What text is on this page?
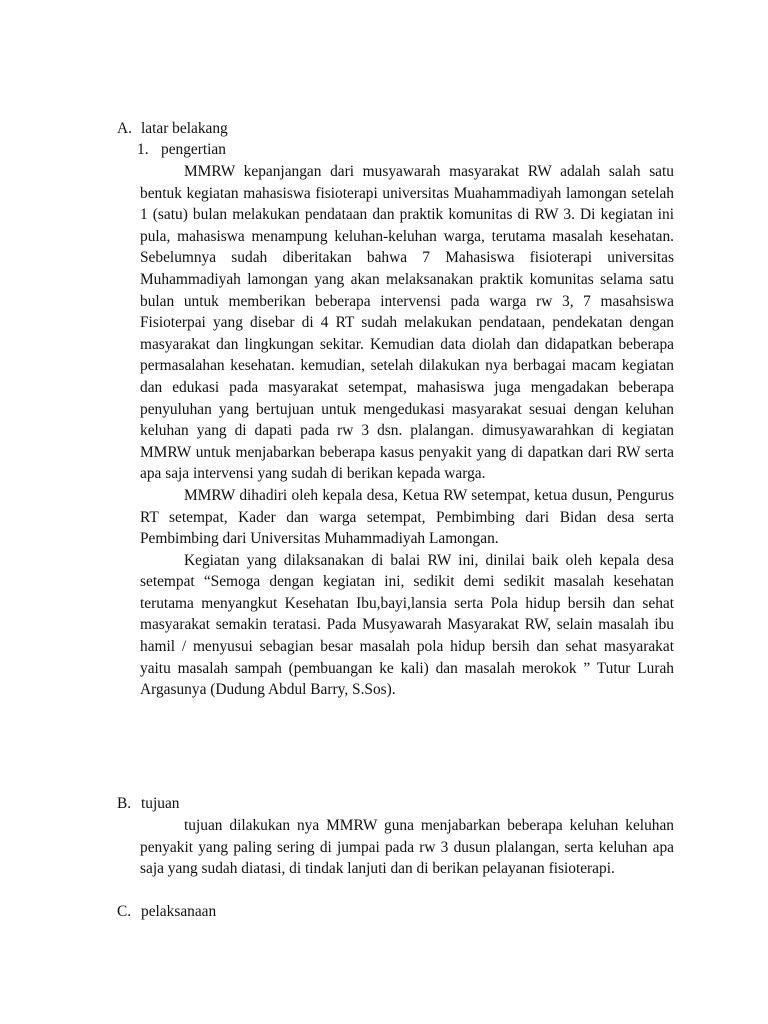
A. latar belakang
1. pengertian

MMRW kepanjangan dari musyawarah masyarakat RW adalah salah satu bentuk kegiatan mahasiswa fisioterapi universitas Muahammadiyah lamongan setelah 1 (satu) bulan melakukan pendataan dan praktik komunitas di RW 3. Di kegiatan ini pula, mahasiswa menampung keluhan-keluhan warga, terutama masalah kesehatan. Sebelumnya sudah diberitakan bahwa 7 Mahasiswa fisioterapi universitas Muhammadiyah lamongan yang akan melaksanakan praktik komunitas selama satu bulan untuk memberikan beberapa intervensi pada warga rw 3, 7 masahsiswa Fisioterpai yang disebar di 4 RT sudah melakukan pendataan, pendekatan dengan masyarakat dan lingkungan sekitar. Kemudian data diolah dan didapatkan beberapa permasalahan kesehatan. kemudian, setelah dilakukan nya berbagai macam kegiatan dan edukasi pada masyarakat setempat, mahasiswa juga mengadakan beberapa penyuluhan yang bertujuan untuk mengedukasi masyarakat sesuai dengan keluhan keluhan yang di dapati pada rw 3 dsn. plalangan. dimusyawarahkan di kegiatan MMRW untuk menjabarkan beberapa kasus penyakit yang di dapatkan dari RW serta apa saja intervensi yang sudah di berikan kepada warga.

MMRW dihadiri oleh kepala desa, Ketua RW setempat, ketua dusun, Pengurus RT setempat, Kader dan warga setempat, Pembimbing dari Bidan desa serta Pembimbing dari Universitas Muhammadiyah Lamongan.

Kegiatan yang dilaksanakan di balai RW ini, dinilai baik oleh kepala desa setempat “Semoga dengan kegiatan ini, sedikit demi sedikit masalah kesehatan terutama menyangkut Kesehatan Ibu,bayi,lansia serta Pola hidup bersih dan sehat masyarakat semakin teratasi. Pada Musyawarah Masyarakat RW, selain masalah ibu hamil / menyusui sebagian besar masalah pola hidup bersih dan sehat masyarakat yaitu masalah sampah (pembuangan ke kali) dan masalah merokok ” Tutur Lurah Argasunya (Dudung Abdul Barry, S.Sos).

B. tujuan

tujuan dilakukan nya MMRW guna menjabarkan beberapa keluhan keluhan penyakit yang paling sering di jumpai pada rw 3 dusun plalangan, serta keluhan apa saja yang sudah diatasi, di tindak lanjuti dan di berikan pelayanan fisioterapi.

C. pelaksanaan
